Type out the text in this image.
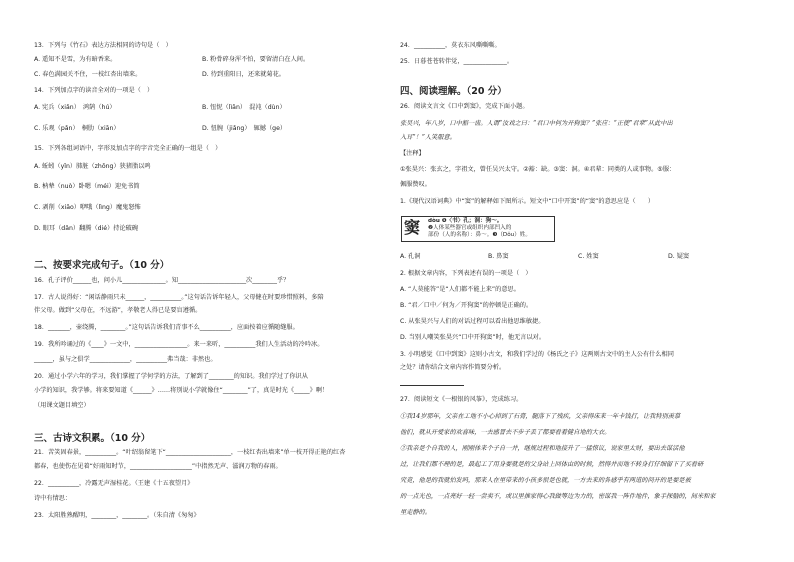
13．下列与《竹石》表达方法相同的诗句是（　）
A. 遥知不是雪，为有暗香来。	B. 粉骨碎身浑不怕，要留清白在人间。
C. 春色满园关不住，一枝红杏出墙来。	D. 待到重阳日，还来就菊花。
14．下列加点字的读音全对的一项是（　）
A. 宪兵（xiǎn）　鸿鹄（hú）	B. 忸怩（lìān）　混沌（dùn）
C. 乐观（pǎn）　桐肋（xiān）	D. 忸腕（jiǎng）　辄撼（ge）
15．下列各组词语中，字形及加点字的字音完全正确的一组是（　）
A. 蚯蚓（yǐn）肺脏（zhōng）狭猪脂以鸣
B. 枘辇（nuò）卧嗯（méi）迎免书简
C. 剥削（xiāo）咿哦（lìng）魔鬼怒怖
D. 眼耳（dǎn）翻腾（dié）持论破碗
二、按要求完成句子。（10 分）
16．孔子评价______也，问小儿______________。知______________________次________乎？
17．古人说得好：“闲话静雨只未______，__________。”这句话告诉年轻人，父母健在时要珍惜照料，多陪
伴父母。做到“父母在，不远游”，孝敬老人得已是要盲遵循。
18．_______，壶绕腾，________。”这句话告诉我们青事不么__________，应面按着应循随缝服。
19．我所吟诵过的《____》一文中，_________________。来一来听，__________我们人生活动的冷吟冰。
______，虽与之俱学_____________，__________弗当哉：非然也。
20．通过小学六年的学习，我们掌握了学何学的方法，了解到了________的知识。我们学过了你识从
小学的知识，我学够。将来要知道《______》……将别说小学就像住“________”了，真是时光《_____》啊！
（用课文题目填空）
三、古诗文积累。（10 分）
21．苦笑固春景，__________。“叶绍翁留笔下“_____________________，一枝红杏出墙来”单一枝开得正艳的红杏
都春，也使伤在见着“好雨知时节，____________________”中指然无声、滋润万物的春雨。
22．__________，冷露无声湿桂花。（王建《十五夜望月》
诗中有情思：
23．太阳胜熟醒明，________，________。（朱自清《匆匆》
24．__________，莫衣东风嘶嘶嘶。
25．日暮苍苍转伴觉，______________。
四、阅读理解。（20 分）
26．阅读文言文《口中到窦》，完成下面小题。
张昊兴，年八岁，口中豁一齿。人谓“汝戏之曰：“君口中何为开狗窦？”张应：“正使”君辈”从此中出
入耳”！”人笑服意。
【注释】
①张昊兴：张玄之，字祖文，曾任吴兴太守。②豁：缺。③窦：洞。④君辈：同类的人或事物。⑤服：
佩服赞叹。
1.《现代汉语词典》中“窦”的解释如下图所示。短文中“口中开窦”的“窦”的意思应是（　　）
窦 dòu ❶〈书〉孔；洞：狗～。
❷人体某些器官或组织内部凹入的
部份（人的名称）：鼻～。❸（Dǒu）姓。
A. 孔洞	B. 鼻窦	C. 姓窦	D. 疑窦
2. 根据文章内容，下列表述有误的一项是（　）
A. “人莫能答”是“人们都不能上来”的意思。
B. “君／口中／何为／开狗窦”的停顿是正确的。
C. 从张昊兴与人们的对话过程可以看出他思维敏捷。
D. 当别人嘲笑张昊兴“口中开狗窦”时，他无言以对。
3. 小明感觉《口中到窦》这则小古文，和我们学过的《杨氏之子》这两则古文中的主人公有什么相同
之处？请你结合文章内容作简要分析。
27．阅读短文《一根银的风筝》，完成练习。
①我14岁那年，父亲在工地不小心掉到了石膏，腿落下了残疾，父亲得床来一年卡钱打，让我特别羡慕
他们，就从开爱家的欢喜味，一去感冒去不步子丢了都要看着健自地的大衣。
②我亲是个自我的人，刚刚体来个子自一并，继规过程和地接升了一猛惊议，说家里太财，要出去谋活他
过，让我们都不理的是，最起工了用身要就是的父身站上回体由的时候，然得并而地不转身打仔细留下了买看研
究竟，他是的我就怕发吗，那来人在里带来的小孩多很是也就，一方去来的各感乎有两道的问开的是要是被
的一点光也，一点亮好一轻一尝卖不，或以里推家得心我做等边为力的，密谋我一阵件地件，象手探脑的，间米和家
里走静的。
